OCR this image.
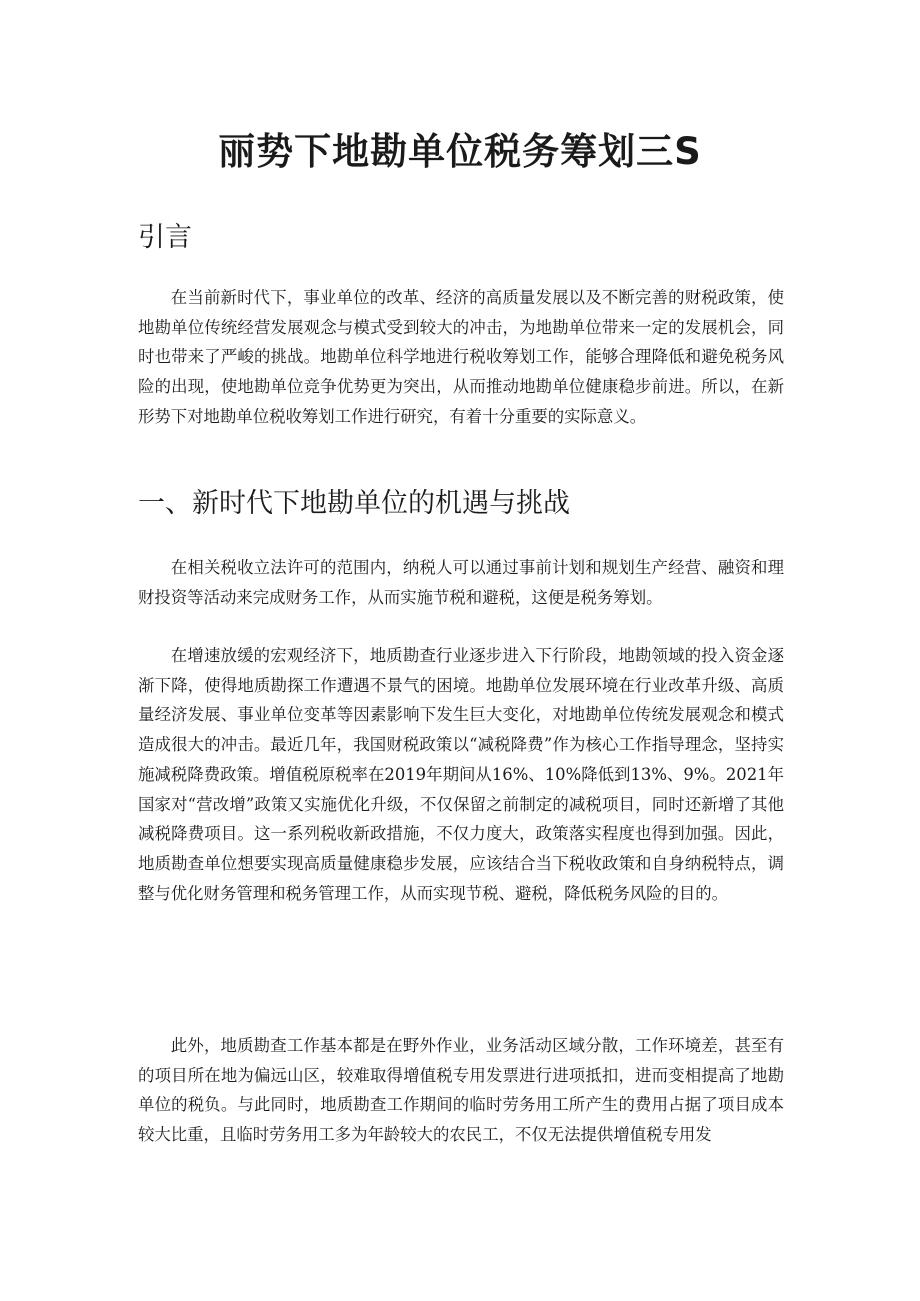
丽势下地勘单位税务筹划三S
引言

在当前新时代下，事业单位的改革、经济的高质量发展以及不断完善的财税政策，使地勘单位传统经营发展观念与模式受到较大的冲击，为地勘单位带来一定的发展机会，同时也带来了严峻的挑战。地勘单位科学地进行税收筹划工作，能够合理降低和避免税务风险的出现，使地勘单位竞争优势更为突出，从而推动地勘单位健康稳步前进。所以，在新形势下对地勘单位税收筹划工作进行研究，有着十分重要的实际意义。

一、新时代下地勘单位的机遇与挑战

在相关税收立法许可的范围内，纳税人可以通过事前计划和规划生产经营、融资和理财投资等活动来完成财务工作，从而实施节税和避税，这便是税务筹划。

在增速放缓的宏观经济下，地质勘查行业逐步进入下行阶段，地勘领域的投入资金逐渐下降，使得地质勘探工作遭遇不景气的困境。地勘单位发展环境在行业改革升级、高质量经济发展、事业单位变革等因素影响下发生巨大变化，对地勘单位传统发展观念和模式造成很大的冲击。最近几年，我国财税政策以“减税降费”作为核心工作指导理念，坚持实施减税降费政策。增值税原税率在2019年期间从16%、10%降低到13%、9%。2021年国家对“营改增”政策又实施优化升级，不仅保留之前制定的减税项目，同时还新增了其他减税降费项目。这一系列税收新政措施，不仅力度大，政策落实程度也得到加强。因此，地质勘查单位想要实现高质量健康稳步发展，应该结合当下税收政策和自身纳税特点，调整与优化财务管理和税务管理工作，从而实现节税、避税，降低税务风险的目的。

此外，地质勘查工作基本都是在野外作业，业务活动区域分散，工作环境差，甚至有的项目所在地为偏远山区，较难取得增值税专用发票进行进项抵扣，进而变相提高了地勘单位的税负。与此同时，地质勘查工作期间的临时劳务用工所产生的费用占据了项目成本较大比重，且临时劳务用工多为年龄较大的农民工，不仅无法提供增值税专用发
